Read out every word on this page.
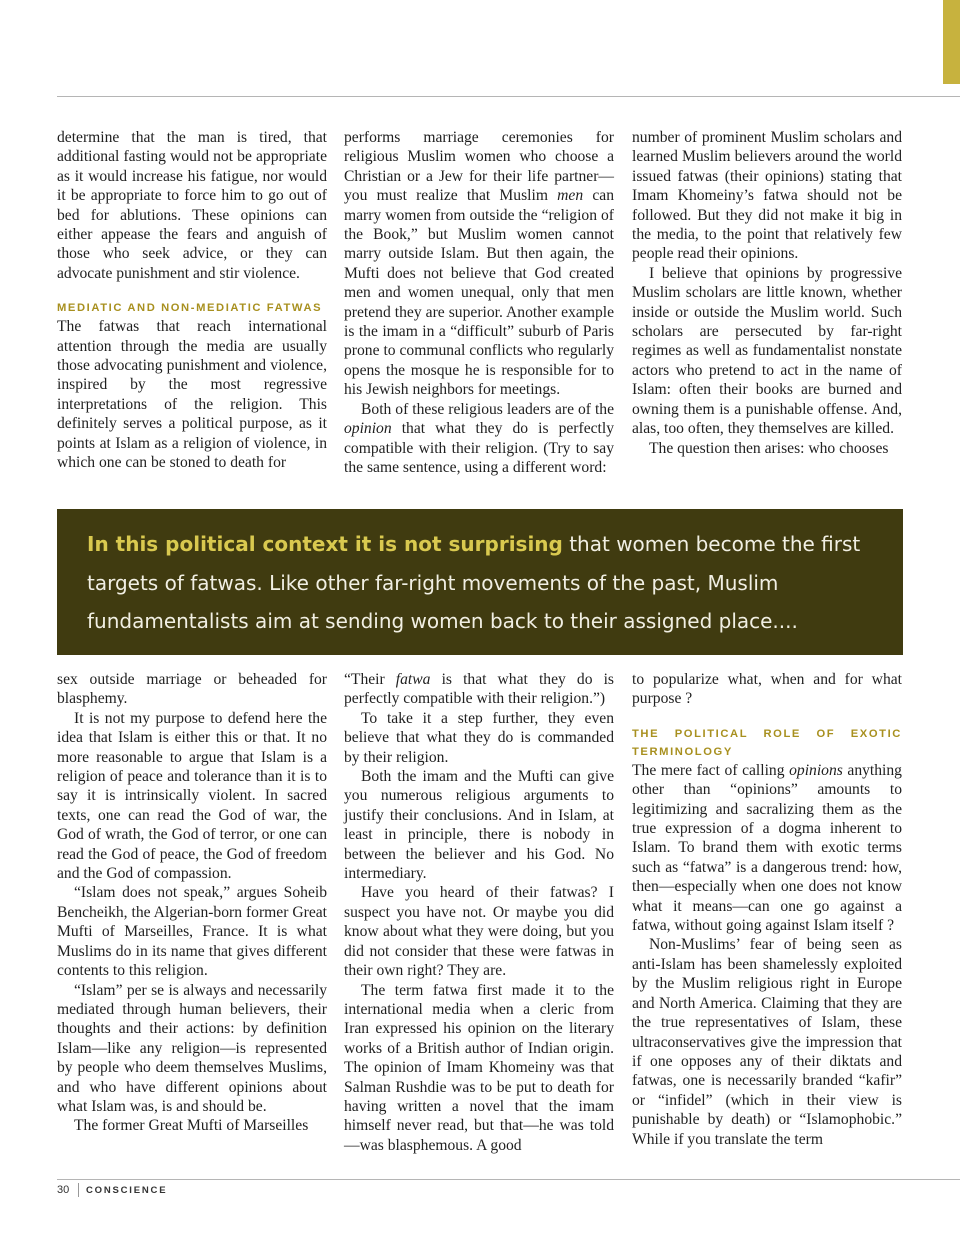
determine that the man is tired, that additional fasting would not be appropriate as it would increase his fatigue, nor would it be appropriate to force him to go out of bed for ablutions. These opinions can either appease the fears and anguish of those who seek advice, or they can advocate punishment and stir violence.

MEDIATIC AND NON-MEDIATIC FATWAS

The fatwas that reach international attention through the media are usually those advocating punishment and violence, inspired by the most regressive interpretations of the religion. This definitely serves a political purpose, as it points at Islam as a religion of violence, in which one can be stoned to death for

performs marriage ceremonies for religious Muslim women who choose a Christian or a Jew for their life partner—you must realize that Muslim men can marry women from outside the “religion of the Book,” but Muslim women cannot marry outside Islam. But then again, the Mufti does not believe that God created men and women unequal, only that men pretend they are superior. Another example is the imam in a “difficult” suburb of Paris prone to communal conflicts who regularly opens the mosque he is responsible for to his Jewish neighbors for meetings.

Both of these religious leaders are of the opinion that what they do is perfectly compatible with their religion. (Try to say the same sentence, using a different word:

number of prominent Muslim scholars and learned Muslim believers around the world issued fatwas (their opinions) stating that Imam Khomeiny’s fatwa should not be followed. But they did not make it big in the media, to the point that relatively few people read their opinions.

I believe that opinions by progressive Muslim scholars are little known, whether inside or outside the Muslim world. Such scholars are persecuted by far-right regimes as well as fundamentalist nonstate actors who pretend to act in the name of Islam: often their books are burned and owning them is a punishable offense. And, alas, too often, they themselves are killed.

The question then arises: who chooses

In this political context it is not surprising that women become the first targets of fatwas. Like other far-right movements of the past, Muslim fundamentalists aim at sending women back to their assigned place....

sex outside marriage or beheaded for blasphemy.

It is not my purpose to defend here the idea that Islam is either this or that. It no more reasonable to argue that Islam is a religion of peace and tolerance than it is to say it is intrinsically violent. In sacred texts, one can read the God of war, the God of wrath, the God of terror, or one can read the God of peace, the God of freedom and the God of compassion.

“Islam does not speak,” argues Soheib Bencheikh, the Algerian-born former Great Mufti of Marseilles, France. It is what Muslims do in its name that gives different contents to this religion.

“Islam” per se is always and necessarily mediated through human believers, their thoughts and their actions: by definition Islam—like any religion—is represented by people who deem themselves Muslims, and who have different opinions about what Islam was, is and should be.

The former Great Mufti of Marseilles

“Their fatwa is that what they do is perfectly compatible with their religion.”)

To take it a step further, they even believe that what they do is commanded by their religion.

Both the imam and the Mufti can give you numerous religious arguments to justify their conclusions. And in Islam, at least in principle, there is nobody in between the believer and his God. No intermediary.

Have you heard of their fatwas? I suspect you have not. Or maybe you did know about what they were doing, but you did not consider that these were fatwas in their own right? They are.

The term fatwa first made it to the international media when a cleric from Iran expressed his opinion on the literary works of a British author of Indian origin. The opinion of Imam Khomeiny was that Salman Rushdie was to be put to death for having written a novel that the imam himself never read, but that—he was told—was blasphemous. A good

to popularize what, when and for what purpose ?

THE POLITICAL ROLE OF EXOTIC TERMINOLOGY

The mere fact of calling opinions anything other than “opinions” amounts to legitimizing and sacralizing them as the true expression of a dogma inherent to Islam. To brand them with exotic terms such as “fatwa” is a dangerous trend: how, then—especially when one does not know what it means—can one go against a fatwa, without going against Islam itself ?

Non-Muslims’ fear of being seen as anti-Islam has been shamelessly exploited by the Muslim religious right in Europe and North America. Claiming that they are the true representatives of Islam, these ultraconservatives give the impression that if one opposes any of their diktats and fatwas, one is necessarily branded “kafir” or “infidel” (which in their view is punishable by death) or “Islamophobic.” While if you translate the term

30 CONSCIENCE
